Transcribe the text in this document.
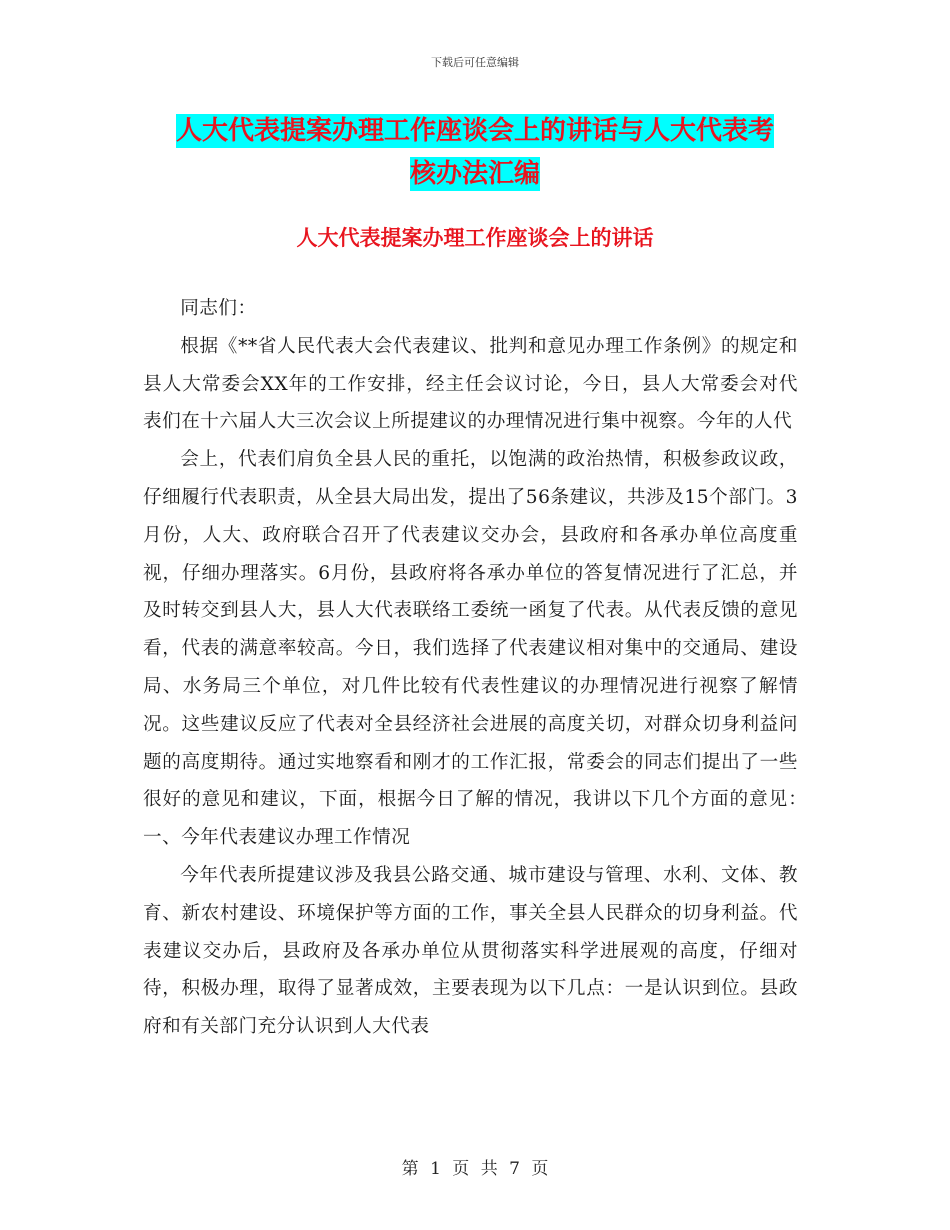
下载后可任意编辑
人大代表提案办理工作座谈会上的讲话与人大代表考
核办法汇编
人大代表提案办理工作座谈会上的讲话

同志们：

根据《**省人民代表大会代表建议、批判和意见办理工作条例》的规定和县人大常委会XX年的工作安排，经主任会议讨论，今日，县人大常委会对代表们在十六届人大三次会议上所提建议的办理情况进行集中视察。今年的人代

会上，代表们肩负全县人民的重托，以饱满的政治热情，积极参政议政，仔细履行代表职责，从全县大局出发，提出了56条建议，共涉及15个部门。3月份，人大、政府联合召开了代表建议交办会，县政府和各承办单位高度重视，仔细办理落实。6月份，县政府将各承办单位的答复情况进行了汇总，并及时转交到县人大，县人大代表联络工委统一函复了代表。从代表反馈的意见看，代表的满意率较高。今日，我们选择了代表建议相对集中的交通局、建设局、水务局三个单位，对几件比较有代表性建议的办理情况进行视察了解情况。这些建议反应了代表对全县经济社会进展的高度关切，对群众切身利益问题的高度期待。通过实地察看和刚才的工作汇报，常委会的同志们提出了一些很好的意见和建议，下面，根据今日了解的情况，我讲以下几个方面的意见：　一、今年代表建议办理工作情况

今年代表所提建议涉及我县公路交通、城市建设与管理、水利、文体、教育、新农村建设、环境保护等方面的工作，事关全县人民群众的切身利益。代表建议交办后，县政府及各承办单位从贯彻落实科学进展观的高度，仔细对待，积极办理，取得了显著成效，主要表现为以下几点：一是认识到位。县政府和有关部门充分认识到人大代表

第 1 页 共 7 页
